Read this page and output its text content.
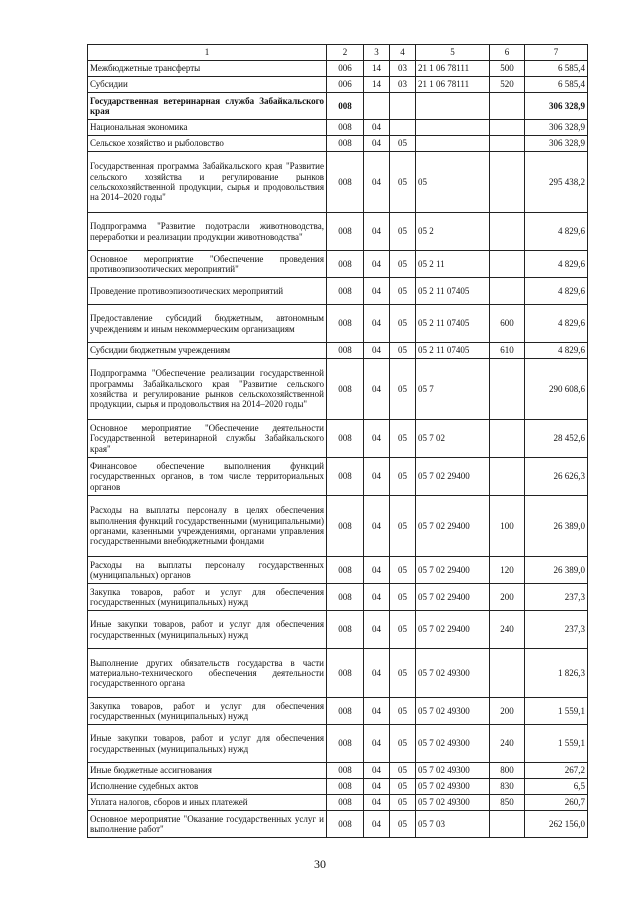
1	2	3	4	5	6	7
Межбюджетные трансферты	006	14	03	21 1 06 78111	500	6 585,4
Субсидии	006	14	03	21 1 06 78111	520	6 585,4
Государственная ветеринарная служба Забайкальского края	008					306 328,9
Национальная экономика	008	04				306 328,9
Сельское хозяйство и рыболовство	008	04	05			306 328,9
Государственная программа Забайкальского края "Развитие сельского хозяйства и регулирование рынков сельскохозяйственной продукции, сырья и продовольствия на 2014–2020 годы"	008	04	05	05		295 438,2
Подпрограмма "Развитие подотрасли животноводства, переработки и реализации продукции животноводства"	008	04	05	05 2		4 829,6
Основное мероприятие "Обеспечение проведения противоэпизоотических мероприятий"	008	04	05	05 2 11		4 829,6
Проведение противоэпизоотических мероприятий	008	04	05	05 2 11 07405		4 829,6
Предоставление субсидий бюджетным, автономным учреждениям и иным некоммерческим организациям	008	04	05	05 2 11 07405	600	4 829,6
Субсидии бюджетным учреждениям	008	04	05	05 2 11 07405	610	4 829,6
Подпрограмма "Обеспечение реализации государственной программы Забайкальского края "Развитие сельского хозяйства и регулирование рынков сельскохозяйственной продукции, сырья и продовольствия на 2014–2020 годы"	008	04	05	05 7		290 608,6
Основное мероприятие "Обеспечение деятельности Государственной ветеринарной службы Забайкальского края"	008	04	05	05 7 02		28 452,6
Финансовое обеспечение выполнения функций государственных органов, в том числе территориальных органов	008	04	05	05 7 02 29400		26 626,3
Расходы на выплаты персоналу в целях обеспечения выполнения функций государственными (муниципальными) органами, казенными учреждениями, органами управления государственными внебюджетными фондами	008	04	05	05 7 02 29400	100	26 389,0
Расходы на выплаты персоналу государственных (муниципальных) органов	008	04	05	05 7 02 29400	120	26 389,0
Закупка товаров, работ и услуг для обеспечения государственных (муниципальных) нужд	008	04	05	05 7 02 29400	200	237,3
Иные закупки товаров, работ и услуг для обеспечения государственных (муниципальных) нужд	008	04	05	05 7 02 29400	240	237,3
Выполнение других обязательств государства в части материально-технического обеспечения деятельности государственного органа	008	04	05	05 7 02 49300		1 826,3
Закупка товаров, работ и услуг для обеспечения государственных (муниципальных) нужд	008	04	05	05 7 02 49300	200	1 559,1
Иные закупки товаров, работ и услуг для обеспечения государственных (муниципальных) нужд	008	04	05	05 7 02 49300	240	1 559,1
Иные бюджетные ассигнования	008	04	05	05 7 02 49300	800	267,2
Исполнение судебных актов	008	04	05	05 7 02 49300	830	6,5
Уплата налогов, сборов и иных платежей	008	04	05	05 7 02 49300	850	260,7
Основное мероприятие "Оказание государственных услуг и выполнение работ"	008	04	05	05 7 03		262 156,0
30
